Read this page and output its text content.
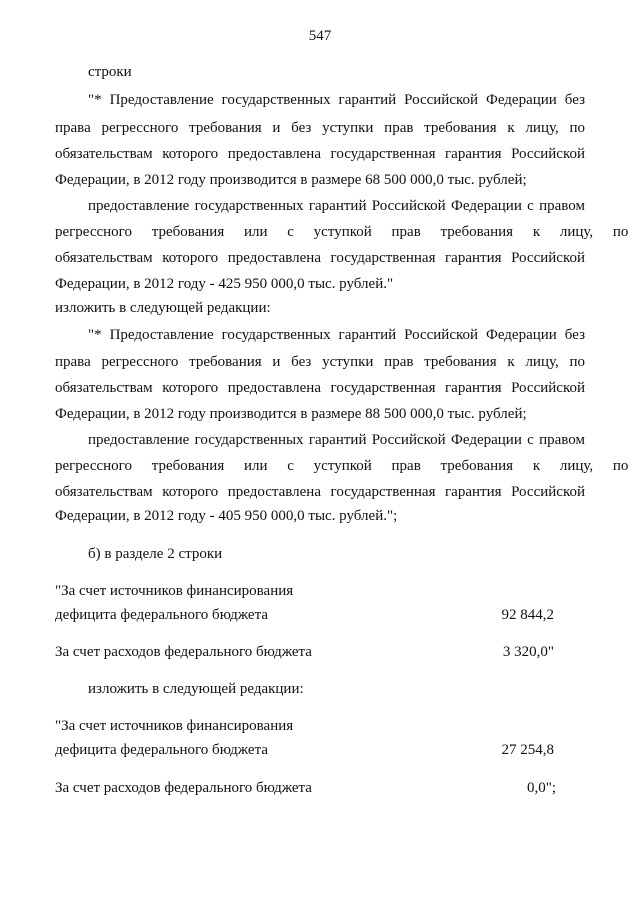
547
строки
"* Предоставление государственных гарантий Российской Федерации без
права регрессного требования и без уступки прав требования к лицу, по
обязательствам которого предоставлена государственная гарантия Российской
Федерации, в 2012 году производится в размере 68 500 000,0 тыс. рублей;
предоставление государственных гарантий Российской Федерации с правом
регрессного требования или с уступкой прав требования к лицу, по
обязательствам которого предоставлена государственная гарантия Российской
Федерации, в 2012 году - 425 950 000,0 тыс. рублей."
изложить в следующей редакции:
"* Предоставление государственных гарантий Российской Федерации без
права регрессного требования и без уступки прав требования к лицу, по
обязательствам которого предоставлена государственная гарантия Российской
Федерации, в 2012 году производится в размере 88 500 000,0 тыс. рублей;
предоставление государственных гарантий Российской Федерации с правом
регрессного требования или с уступкой прав требования к лицу, по
обязательствам которого предоставлена государственная гарантия Российской
Федерации, в 2012 году - 405 950 000,0 тыс. рублей.";
б) в разделе 2 строки
"За счет источников финансирования
дефицита федерального бюджета	92 844,2
За счет расходов федерального бюджета	3 320,0"
изложить в следующей редакции:
"За счет источников финансирования
дефицита федерального бюджета	27 254,8
За счет расходов федерального бюджета	0,0";
